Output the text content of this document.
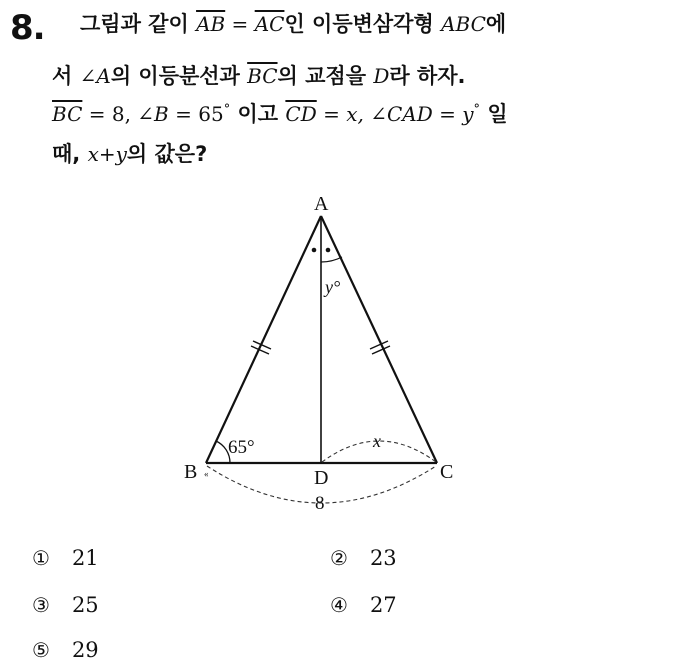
8. 그림과 같이 $\overline{AB} = \overline{AC}$인 이등변삼각형 ABC에
서 ∠A의 이등분선과 $\overline{BC}$의 교점을 D라 하자.
$\overline{BC} = 8$, ∠B = 65° 이고 $\overline{CD} = x$, ∠CAD = y° 일
때, x+y의 값은?
«
A
B	C
D
65°
y°
x
8
① 21	② 23
③ 25	④ 27
⑤ 29
